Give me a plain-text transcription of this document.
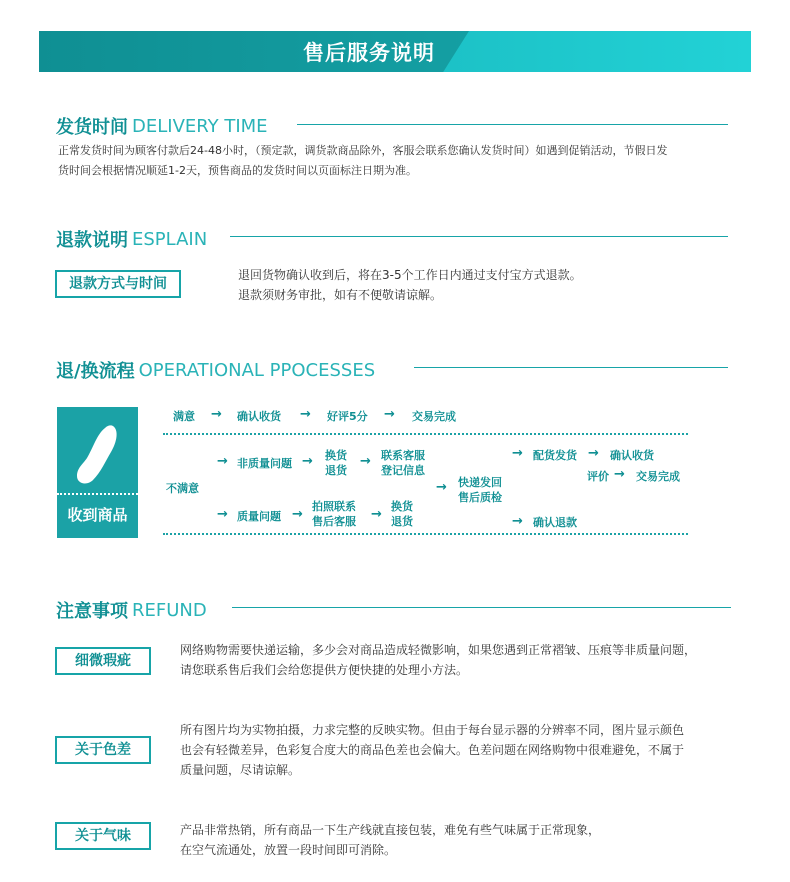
售后服务说明
发货时间 DELIVERY TIME
正常发货时间为顾客付款后24-48小时，（预定款，调货款商品除外，客服会联系您确认发货时间）如遇到促销活动，节假日发
货时间会根据情况顺延1-2天，预售商品的发货时间以页面标注日期为准。
退款说明 ESPLAIN
退款方式与时间
退回货物确认收到后，将在3-5个工作日内通过支付宝方式退款。
退款须财务审批，如有不便敬请谅解。
退/换流程 OPERATIONAL PPOCESSES
收到商品
满意 → 确认收货 → 好评5分 → 交易完成
不满意
→ 非质量问题 → 换货
退货
→ 联系客服
登记信息
→ 快递发回
售后质检
→ 配货发货 → 确认收货
评价 → 交易完成
→ 质量问题 →
拍照联系
售后客服 →
换货
退货	→ 确认退款
注意事项 REFUND
细微瑕疵
网络购物需要快递运输，多少会对商品造成轻微影响，如果您遇到正常褶皱、压痕等非质量问题，
请您联系售后我们会给您提供方便快捷的处理小方法。
关于色差
所有图片均为实物拍摄，力求完整的反映实物。但由于每台显示器的分辨率不同，图片显示颜色
也会有轻微差异，色彩复合度大的商品色差也会偏大。色差问题在网络购物中很难避免，不属于
质量问题，尽请谅解。
关于气味	产品非常热销，所有商品一下生产线就直接包装，难免有些气味属于正常现象，
在空气流通处，放置一段时间即可消除。
